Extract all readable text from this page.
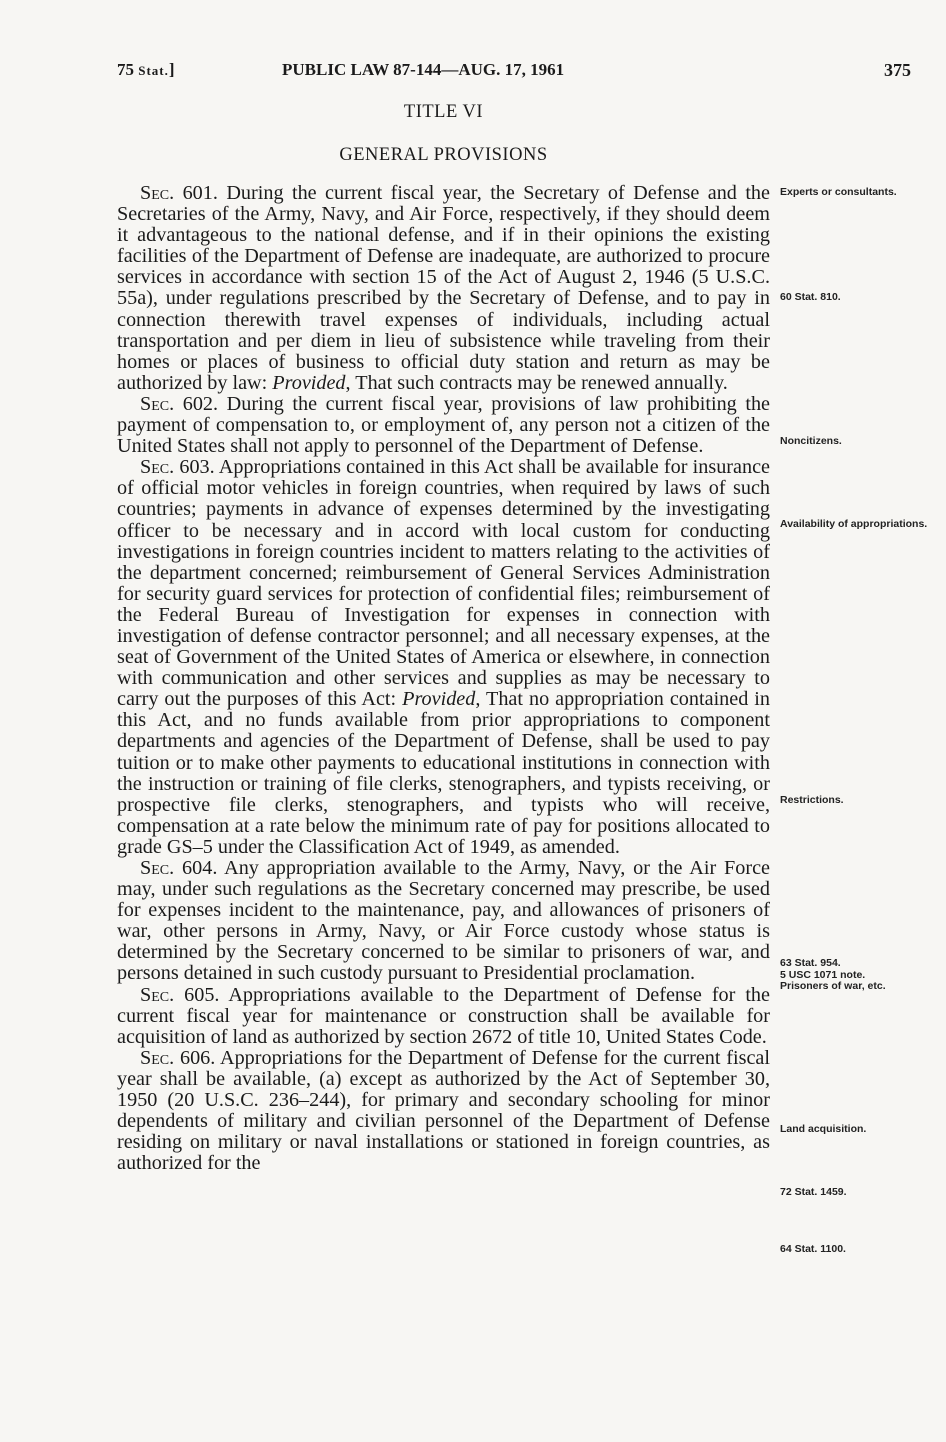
75 Stat.]	PUBLIC LAW 87-144—AUG. 17, 1961	375
TITLE VI
GENERAL PROVISIONS

Sec. 601. During the current fiscal year, the Secretary of Defense and the Secretaries of the Army, Navy, and Air Force, respectively, if they should deem it advantageous to the national defense, and if in their opinions the existing facilities of the Department of Defense are inadequate, are authorized to procure services in accordance with section 15 of the Act of August 2, 1946 (5 U.S.C. 55a), under regulations prescribed by the Secretary of Defense, and to pay in connection therewith travel expenses of individuals, including actual transportation and per diem in lieu of subsistence while traveling from their homes or places of business to official duty station and return as may be authorized by law: Provided, That such contracts may be renewed annually.

Sec. 602. During the current fiscal year, provisions of law prohibiting the payment of compensation to, or employment of, any person not a citizen of the United States shall not apply to personnel of the Department of Defense.

Sec. 603. Appropriations contained in this Act shall be available for insurance of official motor vehicles in foreign countries, when required by laws of such countries; payments in advance of expenses determined by the investigating officer to be necessary and in accord with local custom for conducting investigations in foreign countries incident to matters relating to the activities of the department concerned; reimbursement of General Services Administration for security guard services for protection of confidential files; reimbursement of the Federal Bureau of Investigation for expenses in connection with investigation of defense contractor personnel; and all necessary expenses, at the seat of Government of the United States of America or elsewhere, in connection with communication and other services and supplies as may be necessary to carry out the purposes of this Act: Provided, That no appropriation contained in this Act, and no funds available from prior appropriations to component departments and agencies of the Department of Defense, shall be used to pay tuition or to make other payments to educational institutions in connection with the instruction or training of file clerks, stenographers, and typists receiving, or prospective file clerks, stenographers, and typists who will receive, compensation at a rate below the minimum rate of pay for positions allocated to grade GS–5 under the Classification Act of 1949, as amended.

Sec. 604. Any appropriation available to the Army, Navy, or the Air Force may, under such regulations as the Secretary concerned may prescribe, be used for expenses incident to the maintenance, pay, and allowances of prisoners of war, other persons in Army, Navy, or Air Force custody whose status is determined by the Secretary concerned to be similar to prisoners of war, and persons detained in such custody pursuant to Presidential proclamation.

Sec. 605. Appropriations available to the Department of Defense for the current fiscal year for maintenance or construction shall be available for acquisition of land as authorized by section 2672 of title 10, United States Code.

Sec. 606. Appropriations for the Department of Defense for the current fiscal year shall be available, (a) except as authorized by the Act of September 30, 1950 (20 U.S.C. 236–244), for primary and secondary schooling for minor dependents of military and civilian personnel of the Department of Defense residing on military or naval installations or stationed in foreign countries, as authorized for the

Experts or consultants.
60 Stat. 810.
Noncitizens.
Availability of appropriations.
Restrictions.
63 Stat. 954.
5 USC 1071 note.
Prisoners of war, etc.
Land acquisition.
72 Stat. 1459.
64 Stat. 1100.
